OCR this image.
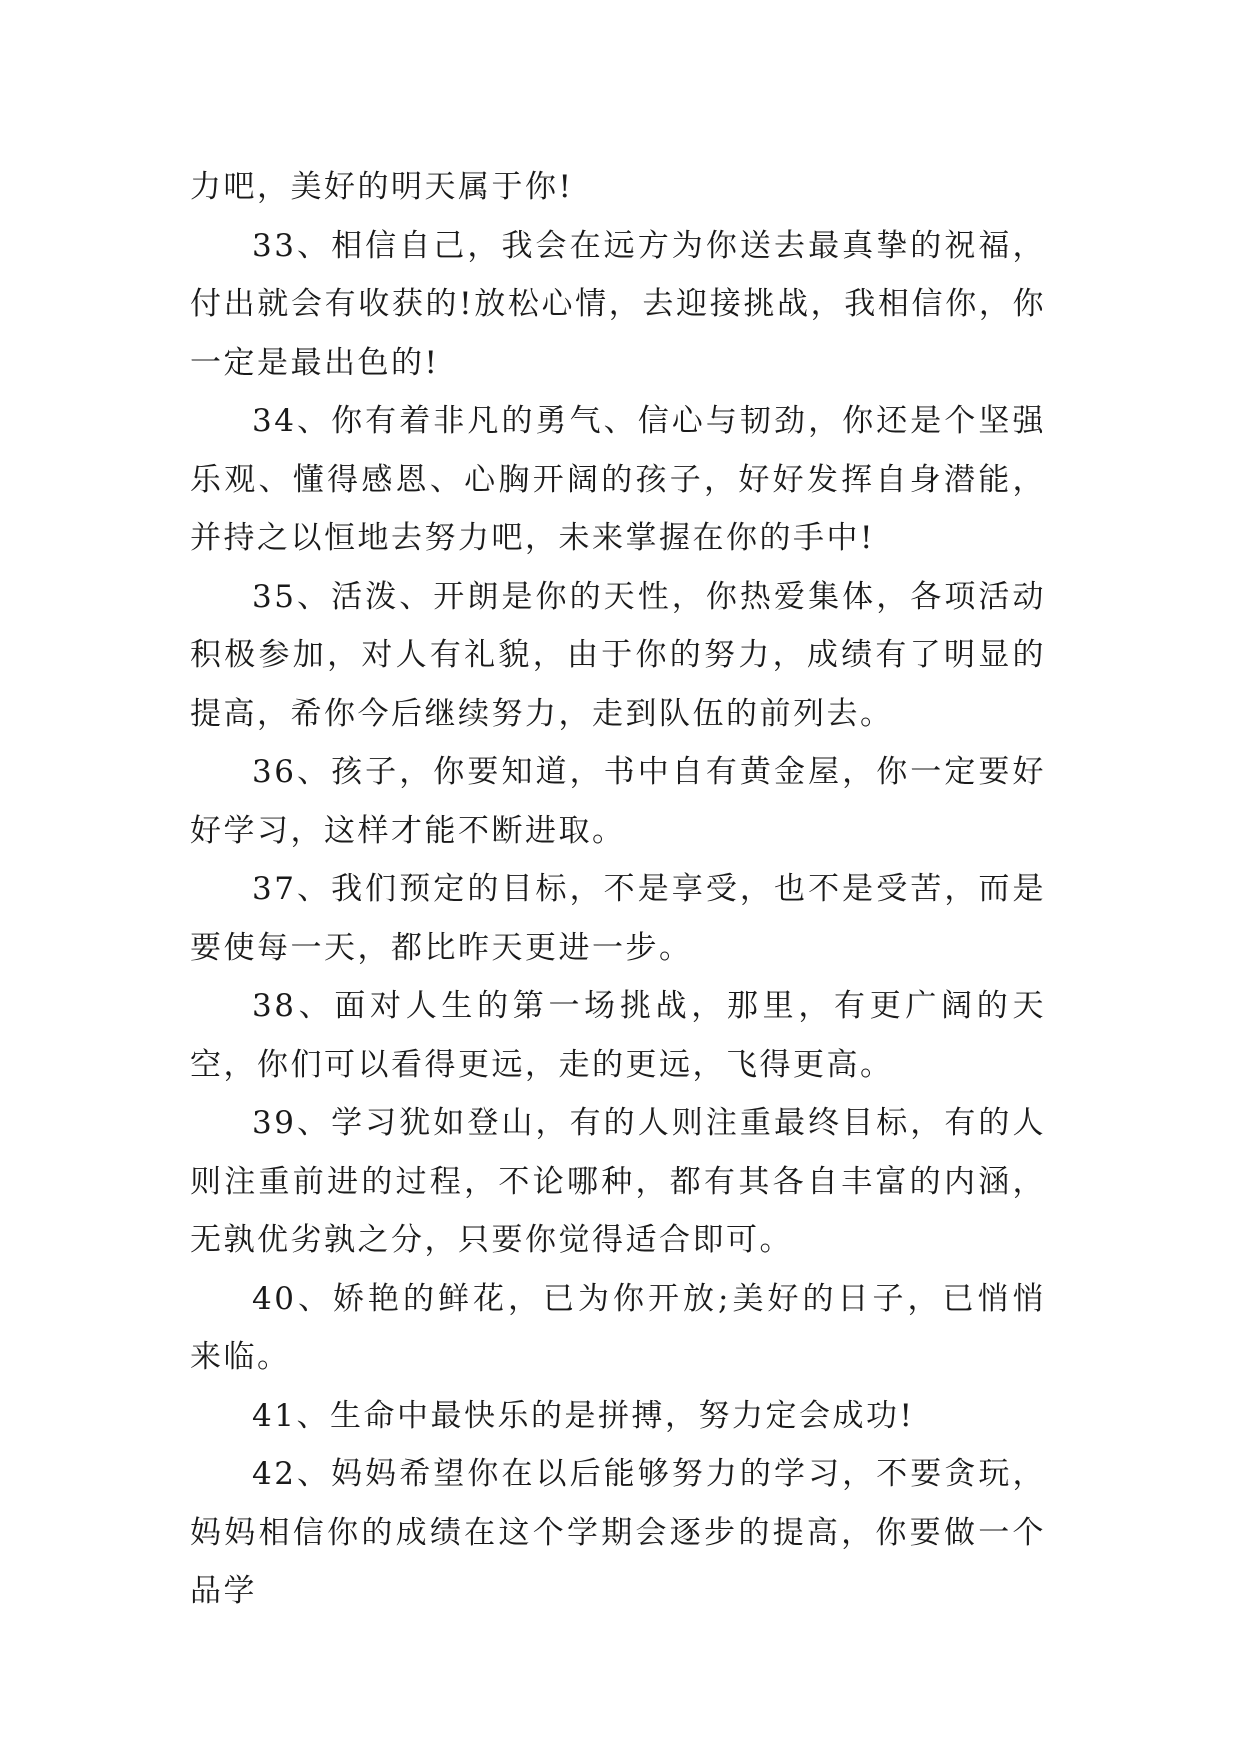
力吧，美好的明天属于你!

33、相信自己，我会在远方为你送去最真挚的祝福，付出就会有收获的!放松心情，去迎接挑战，我相信你，你一定是最出色的!

34、你有着非凡的勇气、信心与韧劲，你还是个坚强乐观、懂得感恩、心胸开阔的孩子，好好发挥自身潜能，并持之以恒地去努力吧，未来掌握在你的手中!

35、活泼、开朗是你的天性，你热爱集体，各项活动积极参加，对人有礼貌，由于你的努力，成绩有了明显的提高，希你今后继续努力，走到队伍的前列去。

36、孩子，你要知道，书中自有黄金屋，你一定要好好学习，这样才能不断进取。

37、我们预定的目标，不是享受，也不是受苦，而是要使每一天，都比昨天更进一步。

38、面对人生的第一场挑战，那里，有更广阔的天空，你们可以看得更远，走的更远，飞得更高。

39、学习犹如登山，有的人则注重最终目标，有的人则注重前进的过程，不论哪种，都有其各自丰富的内涵，无孰优劣孰之分，只要你觉得适合即可。

40、娇艳的鲜花，已为你开放;美好的日子，已悄悄来临。

41、生命中最快乐的是拼搏，努力定会成功!

42、妈妈希望你在以后能够努力的学习，不要贪玩，妈妈相信你的成绩在这个学期会逐步的提高，你要做一个品学
